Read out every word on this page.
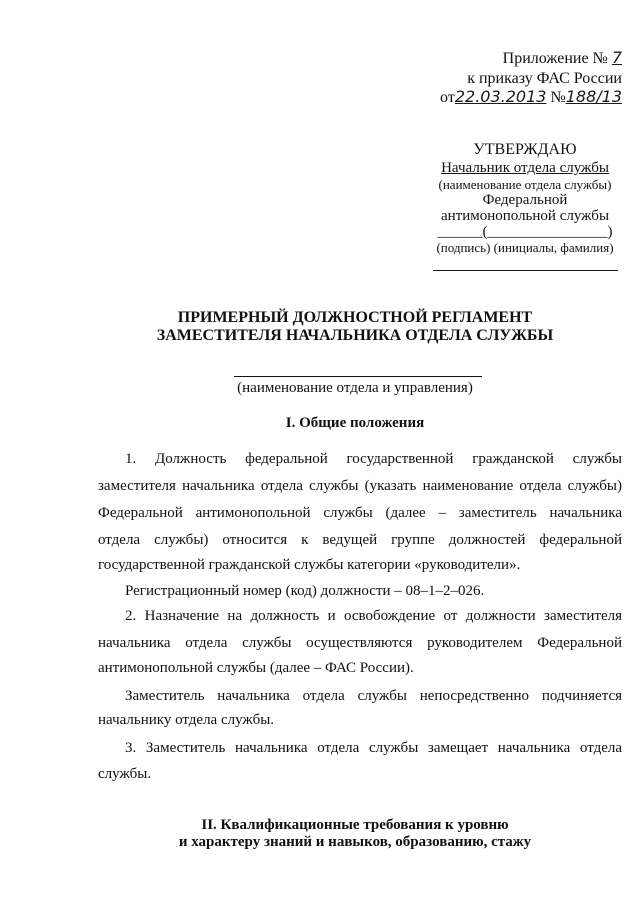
Приложение № 7
к приказу ФАС России
от22.03.2013 №188/13
УТВЕРЖДАЮ
Начальник отдела службы
(наименование отдела службы)
Федеральной
антимонопольной службы
______(________________)
(подпись) (инициалы, фамилия)
ПРИМЕРНЫЙ ДОЛЖНОСТНОЙ РЕГЛАМЕНТ
ЗАМЕСТИТЕЛЯ НАЧАЛЬНИКА ОТДЕЛА СЛУЖБЫ
(наименование отдела и управления)
I. Общие положения
1. Должность федеральной государственной гражданской службы
заместителя начальника отдела службы (указать наименование отдела службы)
Федеральной антимонопольной службы (далее – заместитель начальника
отдела службы) относится к ведущей группе должностей федеральной
государственной гражданской службы категории «руководители».
Регистрационный номер (код) должности – 08–1–2–026.
2. Назначение на должность и освобождение от должности заместителя
начальника отдела службы осуществляются руководителем Федеральной
антимонопольной службы (далее – ФАС России).
Заместитель начальника отдела службы непосредственно подчиняется
начальнику отдела службы.
3. Заместитель начальника отдела службы замещает начальника отдела
службы.
II. Квалификационные требования к уровню
и характеру знаний и навыков, образованию, стажу
